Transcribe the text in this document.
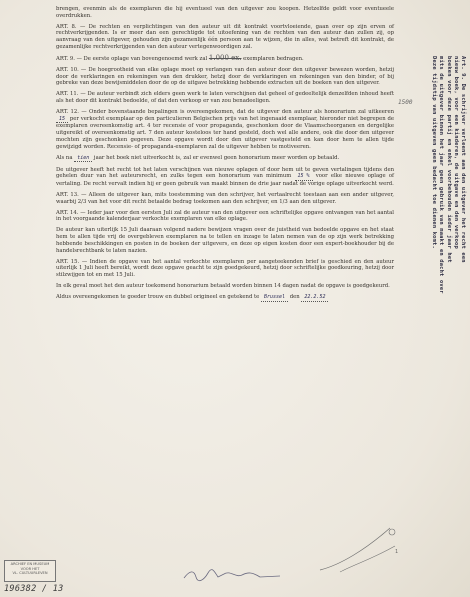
brengen, evenmin als de exemplaren die hij eventueel van den uitgever zou koopen. Hetzelfde geldt voor eventueele overdrukken.

ART. 8. — De rechten en verplichtingen van den auteur uit dit kontrakt voortvloeiende, gaan over op zijn erven of rechtverkrijgenden. Is er meer dan een gerechtigde tot uitoefening van de rechten van den auteur dan zullen zij, op aanvraag van den uitgever, gehouden zijn gezamenlijk één persoon aan te wijzen, die in alles, wat betreft dit kontrakt, de gezamenlijke rechtverkrijgenden van den auteur vertegenwoordigen zal.

ART. 9. — De eerste oplage van bovengenoemd werk zal 1.000 ex. exemplaren bedragen.

ART. 10. — De hoegrootheid van elke oplage moet op verlangen van den auteur door den uitgever bewezen worden, hetzij door de verklaringen en rekeningen van den drukker, hetzij door de verklaringen en rekeningen van den binder, of bij gebreke van deze bewijsmiddelen door de op de uitgave betrekking hebbende extracten uit de boeken van den uitgever.

ART. 11. — De auteur verbindt zich elders geen werk te laten verschijnen dat geheel of gedeeltelijk denzelfden inhoud heeft als het door dit kontrakt bedoelde, of dat den verkoop er van zou benadeeligen.

ART. 12. — Onder bovenstaande bepalingen is overeengekomen, dat de uitgever den auteur als honorarium zal uitkeeren 15 per verkocht exemplaar op den particulieren Belgischen prijs van het ingenaaid exemplaar, hieronder niet begrepen de exemplaren overeenkomstig art. 4 ter recensie of voor propaganda, geschonken door de Vlaamscheorganen en dergelijke uitgereikt of overeenkomstig art. 7 den auteur kosteloos ter hand gesteld, doch wel alle andere, ook die door den uitgever mochten zijn geschonken gegeven. Deze opgave wordt door den uitgever vastgesteld en kan door hem te allen tijde gewijzigd worden. Recensie- of propaganda-exemplaren zal de uitgever hebben te motiveeren.

Als na tien jaar het boek niet uitverkocht is, zal er evenwel geen honorarium meer worden op betaald.

De uitgever heeft het recht tot het laten verschijnen van nieuwe oplagen of door hem uit te geven vertalingen tijdens den gehelen duur van het auteursrecht, en zulks tegen een honorarium van minimum 15 % voor elke nieuwe oplage of vertaling. De recht vervalt indien hij er geen gebruik van maakt binnen de drie jaar nadat de vorige oplage uitverkocht werd.

ART. 13. — Alleen de uitgever kan, mits toestemming van den schrijver, het vertaalrecht toestaan aan een ander uitgever, waarbij 2/3 van het voor dit recht betaalde bedrag toekomen aan den schrijver, en 1/3 aan den uitgever.

ART. 14. — Ieder jaar voor den eersten Juli zal de auteur van den uitgever een schriftelijke opgave ontvangen van het aantal in het voorgaande kalenderjaar verkochte exemplaren van elke oplage.

De auteur kan uiterlijk 15 Juli daaraan volgend nadere bewijzen vragen over de juistheid van bedoelde opgave en het staat hem te allen tijde vrij de overgebleven exemplaren na te tellen en inzage te laten nemen van de op zijn werk betrekking hebbende beschikkingen en posten in de boeken der uitgevers, en deze op eigen kosten door een expert-boekhouder bij de handelsrechtbank te laten nazien.

ART. 15. — Indien de opgave van het aantal verkochte exemplaren per aangeteekenden brief is geschied en den auteur uiterlijk 1 Juli heeft bereikt, wordt deze opgave geacht te zijn goedgekeurd, hetzij door schriftelijke goedkeuring, hetzij door stilzwijgen tot en met 15 Juli.

In elk geval moet het den auteur toekomend honorarium betaald worden binnen 14 dagen nadat de opgave is goedgekeurd.

Aldus overeengekomen te goeder trouw en dubbel origineel en getekend te Brussel den 22.2.52

1500	Art. 9. De schrijver verleent aan den uitgever het recht een
nieuw boek, voor een kinderen, de uitgave en den verkoop
boeken voor deze partij en enkel voorbehouden ieder jaar het
mits de uitgever binnen het jaar geen gebruik van maakt en dacht over
Deze tijdstip van uitgeven geen bedacht toe dienen komt.
1
ARCHIEF EN MUSEUM
VOOR HET
VL. CULTUURLEVEN
196382 / 13
